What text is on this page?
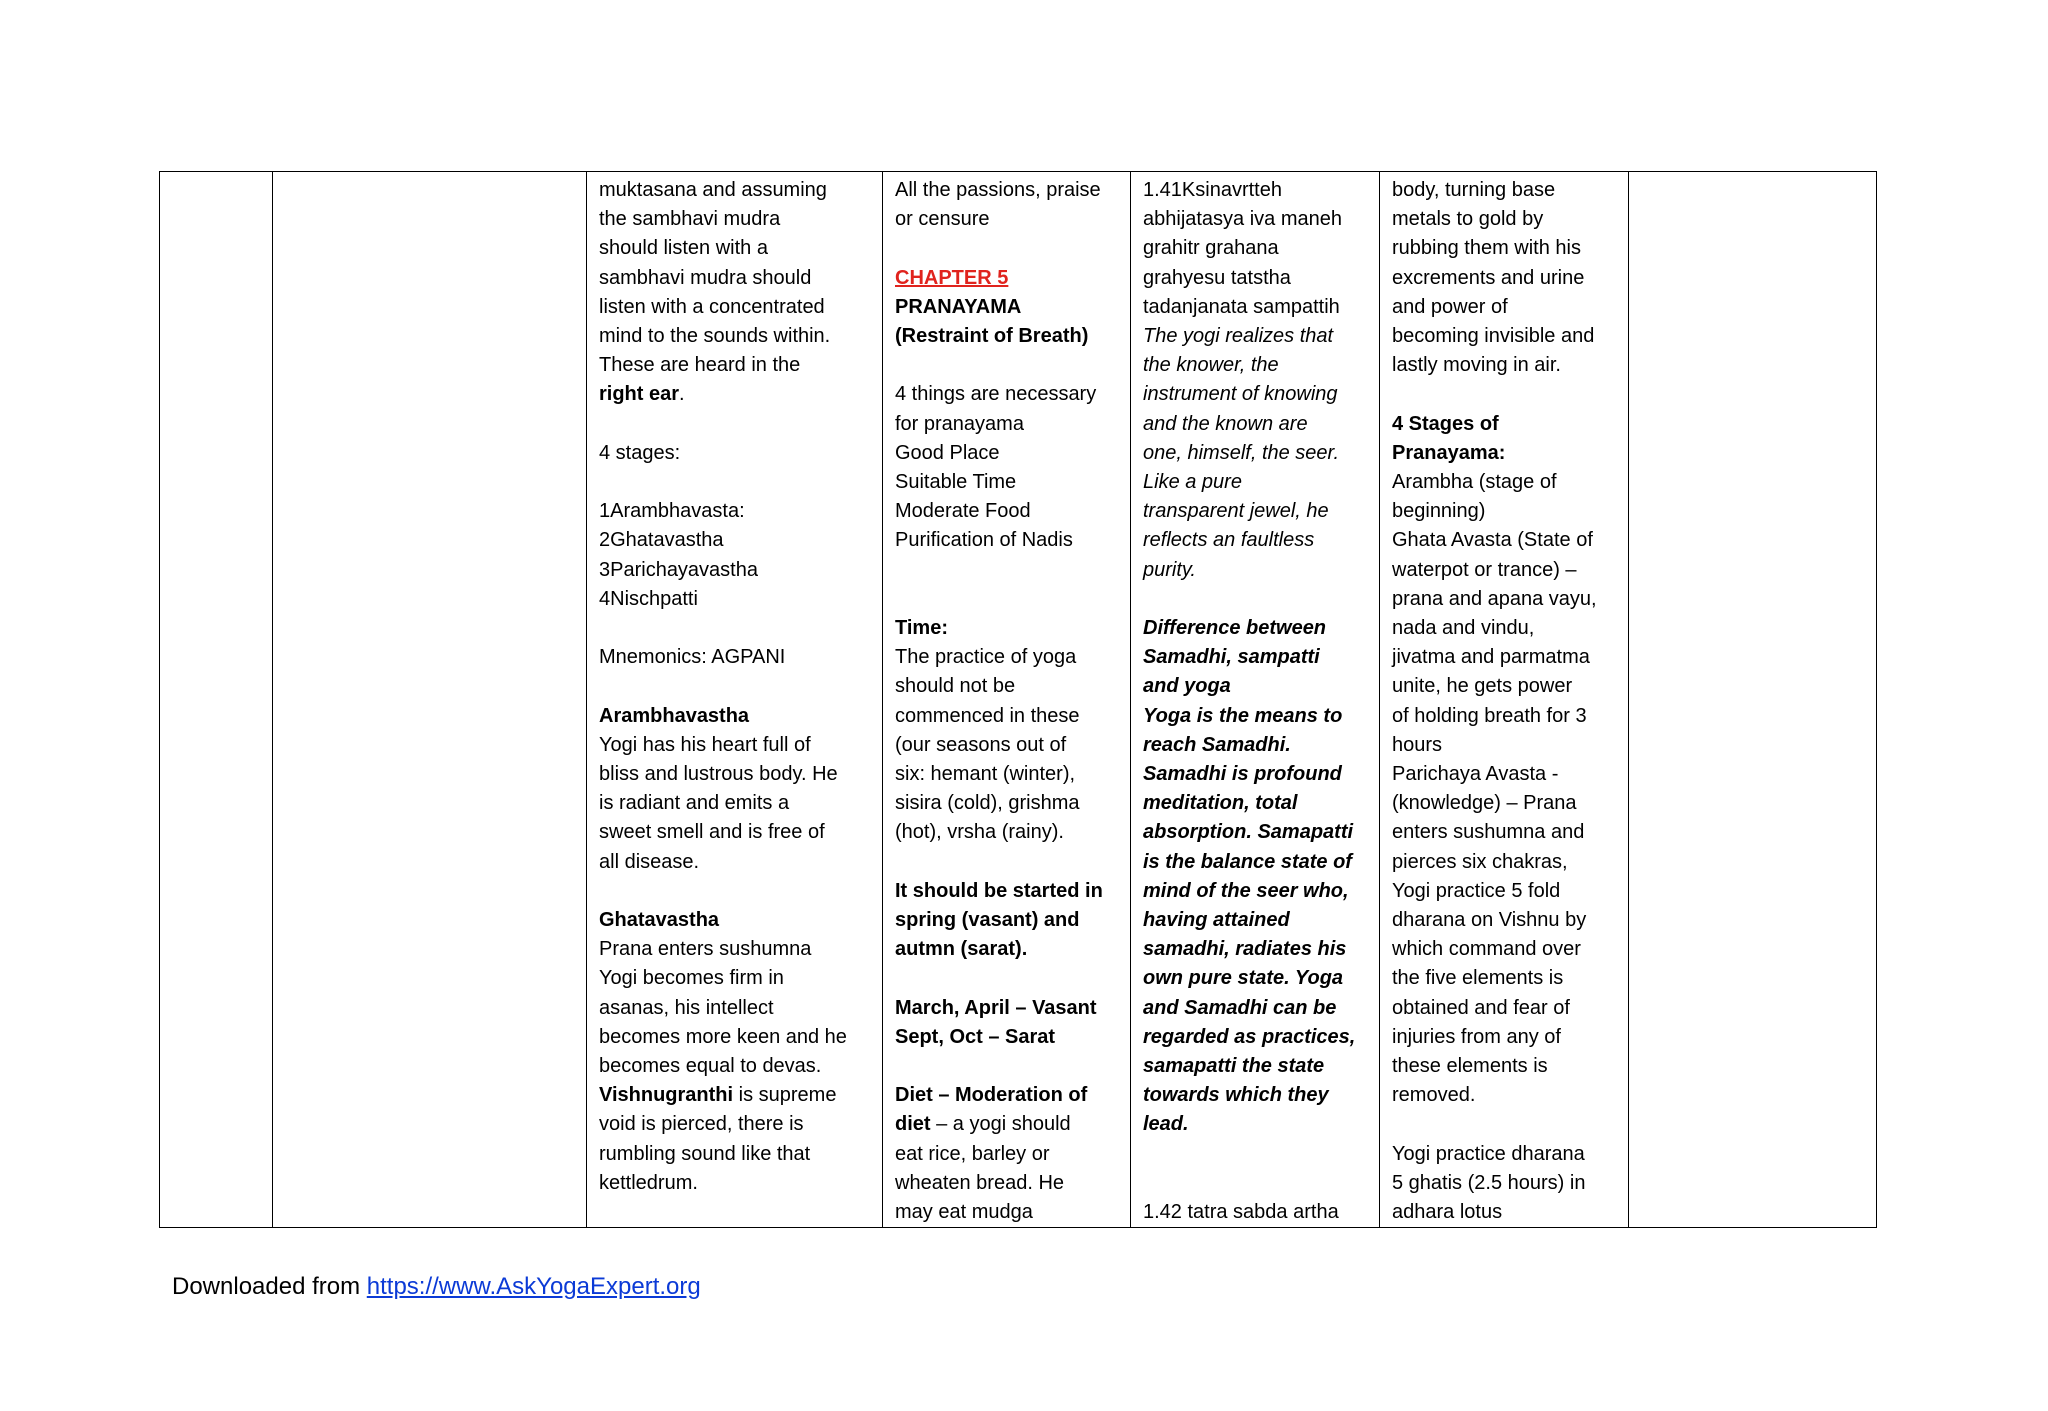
muktasana and assuming
the sambhavi mudra
should listen with a
sambhavi mudra should
listen with a concentrated
mind to the sounds within.
These are heard in the
right ear.
4 stages:
1Arambhavasta:
2Ghatavastha
3Parichayavastha
4Nischpatti
Mnemonics: AGPANI
Arambhavastha
Yogi has his heart full of
bliss and lustrous body. He
is radiant and emits a
sweet smell and is free of
all disease.
Ghatavastha
Prana enters sushumna
Yogi becomes firm in
asanas, his intellect
becomes more keen and he
becomes equal to devas.
Vishnugranthi is supreme
void is pierced, there is
rumbling sound like that
kettledrum.

All the passions, praise
or censure
CHAPTER 5
PRANAYAMA
(Restraint of Breath)
4 things are necessary
for pranayama
Good Place
Suitable Time
Moderate Food
Purification of Nadis
Time:
The practice of yoga
should not be
commenced in these
(our seasons out of
six: hemant (winter),
sisira (cold), grishma
(hot), vrsha (rainy).
It should be started in
spring (vasant) and
autmn (sarat).
March, April – Vasant
Sept, Oct – Sarat
Diet – Moderation of
diet – a yogi should
eat rice, barley or
wheaten bread. He
may eat mudga

1.41Ksinavrtteh
abhijatasya iva maneh
grahitr grahana
grahyesu tatstha
tadanjanata sampattih
The yogi realizes that
the knower, the
instrument of knowing
and the known are
one, himself, the seer.
Like a pure
transparent jewel, he
reflects an faultless
purity.
Difference between
Samadhi, sampatti
and yoga
Yoga is the means to
reach Samadhi.
Samadhi is profound
meditation, total
absorption. Samapatti
is the balance state of
mind of the seer who,
having attained
samadhi, radiates his
own pure state. Yoga
and Samadhi can be
regarded as practices,
samapatti the state
towards which they
lead.
1.42 tatra sabda artha

body, turning base
metals to gold by
rubbing them with his
excrements and urine
and power of
becoming invisible and
lastly moving in air.
4 Stages of
Pranayama:
Arambha (stage of
beginning)
Ghata Avasta (State of
waterpot or trance) –
prana and apana vayu,
nada and vindu,
jivatma and parmatma
unite, he gets power
of holding breath for 3
hours
Parichaya Avasta -
(knowledge) – Prana
enters sushumna and
pierces six chakras,
Yogi practice 5 fold
dharana on Vishnu by
which command over
the five elements is
obtained and fear of
injuries from any of
these elements is
removed.
Yogi practice dharana
5 ghatis (2.5 hours) in
adhara lotus

Downloaded from https://www.AskYogaExpert.org
